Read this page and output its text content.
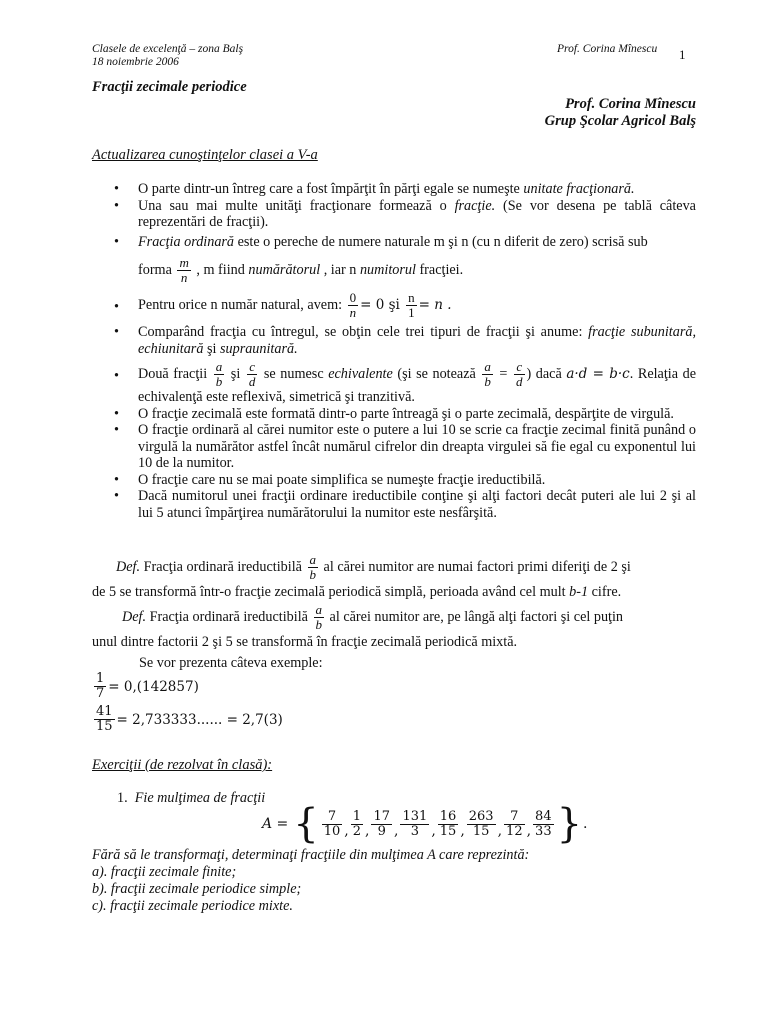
Clasele de excelenţă – zona Balş
18 noiembrie 2006
Prof. Corina Mînescu 1
Fracţii zecimale periodice
Prof. Corina Mînescu
Grup Şcolar Agricol Balş
Actualizarea cunoştinţelor clasei a V-a
• O parte dintr-un întreg care a fost împărţit în părţi egale se numeşte unitate fracţionară.
• Una sau mai multe unităţi fracţionare formează o fracţie. (Se vor desena pe tablă câteva reprezentări de fracţii).
• Fracţia ordinară este o pereche de numere naturale m şi n (cu n diferit de zero) scrisă sub
forma $\frac{m}{n}$ , m fiind numărătorul , iar n numitorul fracţiei.
• Pentru orice n număr natural, avem: $\frac{0}{n} = 0$ şi $\frac{n}{1} = n$ .
• Comparând fracţia cu întregul, se obţin cele trei tipuri de fracţii şi anume: fracţie subunitară, echiunitară şi supraunitară.
• Două fracţii $\frac{a}{b}$ şi $\frac{c}{d}$ se numesc echivalente (şi se notează $\frac{a}{b} = \frac{c}{d}$ ) dacă a·d = b·c. Relaţia de echivalenţă este reflexivă, simetrică şi tranzitivă.
• O fracţie zecimală este formată dintr-o parte întreagă şi o parte zecimală, despărţite de virgulă.
• O fracţie ordinară al cărei numitor este o putere a lui 10 se scrie ca fracţie zecimal finită punând o virgulă la numărător astfel încât numărul cifrelor din dreapta virgulei să fie egal cu exponentul lui 10 de la numitor.
• O fracţie care nu se mai poate simplifica se numeşte fracţie ireductibilă.
• Dacă numitorul unei fracţii ordinare ireductibile conţine şi alţi factori decât puteri ale lui 2 şi al lui 5 atunci împărţirea numărătorului la numitor este nesfârşită.
Def. Fracţia ordinară ireductibilă $\frac{a}{b}$ al cărei numitor are numai factori primi diferiţi de 2 şi
de 5 se transformă într-o fracţie zecimală periodică simplă, perioada având cel mult b-1 cifre.
Def. Fracţia ordinară ireductibilă $\frac{a}{b}$ al cărei numitor are, pe lângă alţi factori şi cel puţin
unul dintre factorii 2 şi 5 se transformă în fracţie zecimală periodică mixtă.
Se vor prezenta câteva exemple:
$\frac{1}{7} = 0,(142857)$
$\frac{41}{15} = 2,733333$...... = 2,7(3)
Exerciţii (de rezolvat în clasă):
1. Fie mulţimea de fracţii
A = { $\frac{7}{10}$ , $\frac{1}{2}$ , $\frac{17}{9}$ , $\frac{131}{3}$ , $\frac{16}{15}$ , $\frac{263}{15}$ , $\frac{7}{12}$ , $\frac{84}{33}$ } .
Fără să le transformaţi, determinaţi fracţiile din mulţimea A care reprezintă:
a). fracţii zecimale finite;
b). fracţii zecimale periodice simple;
c). fracţii zecimale periodice mixte.
